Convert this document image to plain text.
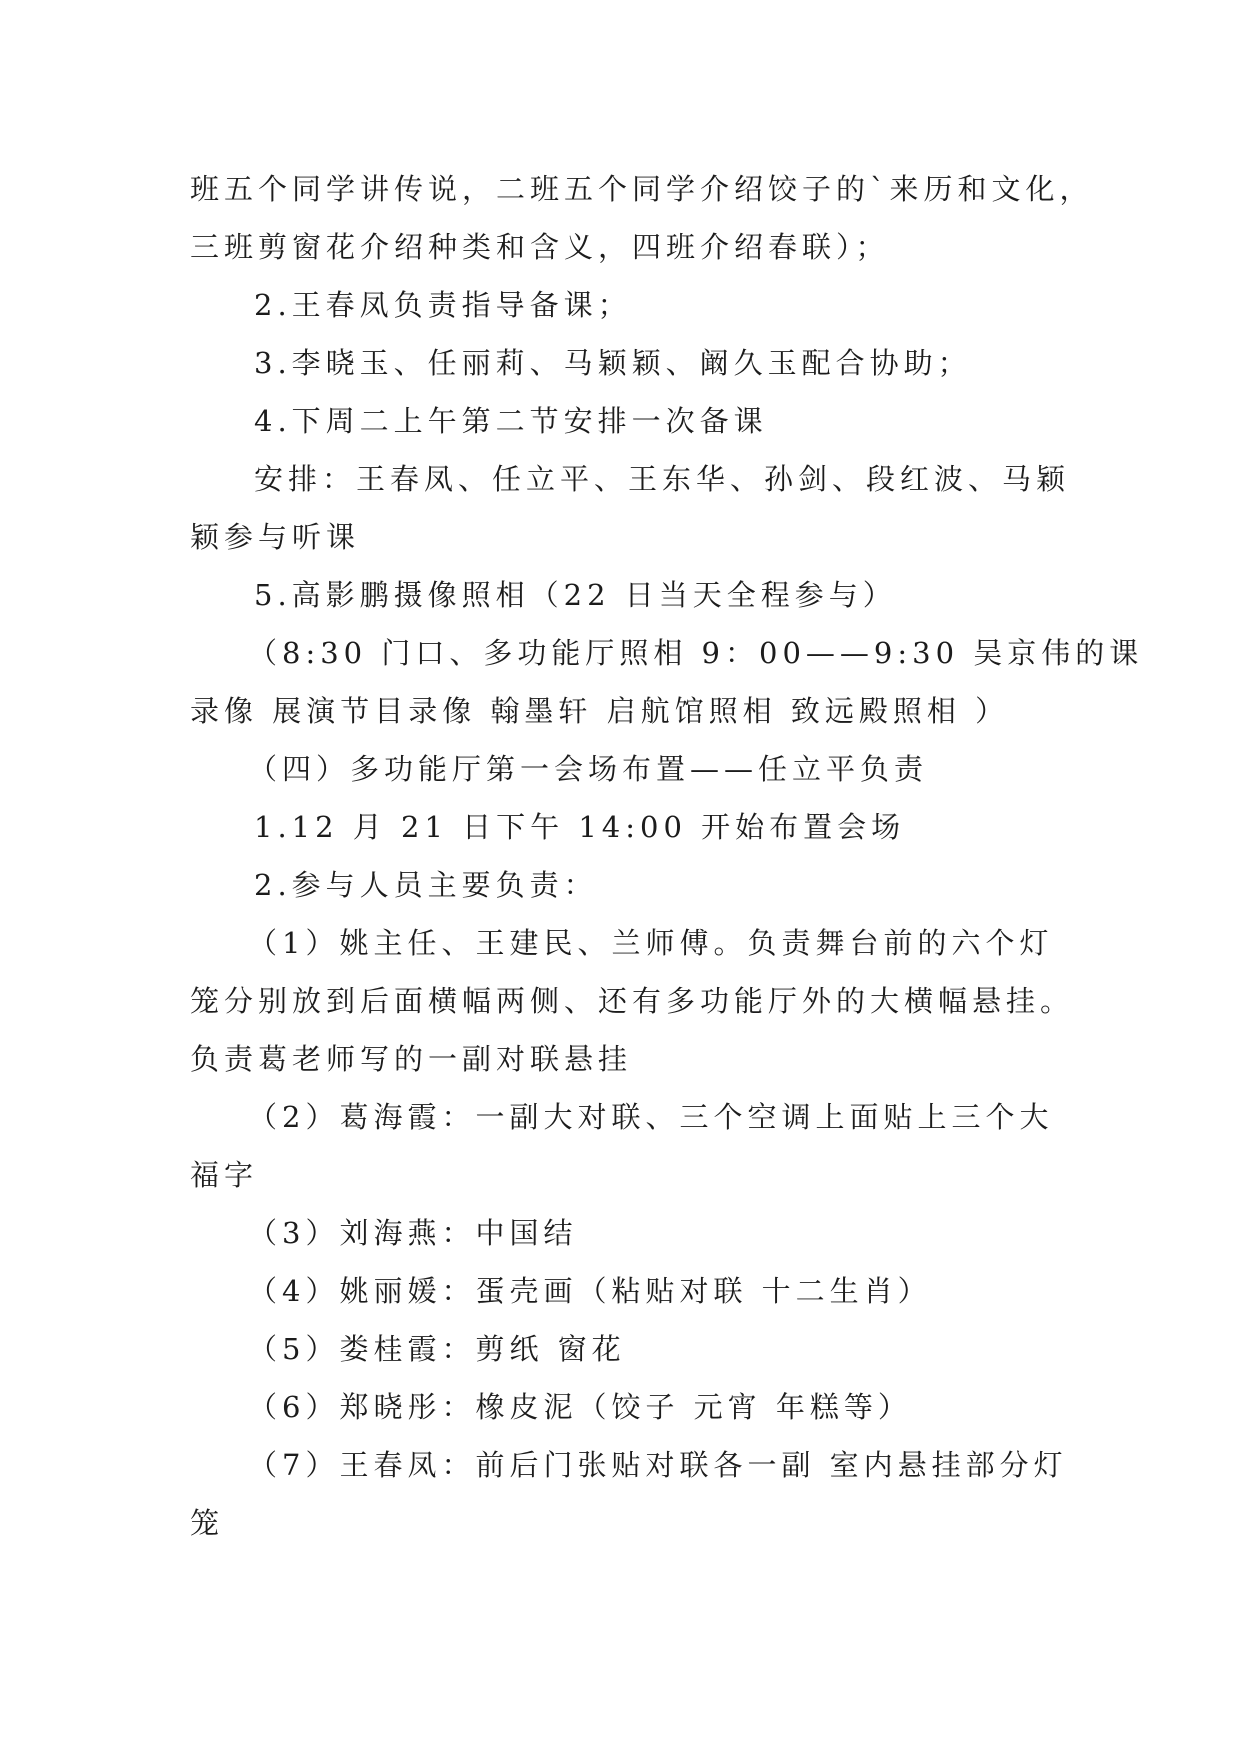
班五个同学讲传说，二班五个同学介绍饺子的`来历和文化，
三班剪窗花介绍种类和含义，四班介绍春联）；
2.王春凤负责指导备课；
3.李晓玉、任丽莉、马颖颖、阚久玉配合协助；
4.下周二上午第二节安排一次备课
安排：王春凤、任立平、王东华、孙剑、段红波、马颖
颖参与听课
5.高影鹏摄像照相（22 日当天全程参与）
（8:30 门口、多功能厅照相 9：00——9:30 吴京伟的课
录像 展演节目录像 翰墨轩 启航馆照相 致远殿照相 ）
（四）多功能厅第一会场布置——任立平负责
1.12 月 21 日下午 14:00 开始布置会场
2.参与人员主要负责：
（1）姚主任、王建民、兰师傅。负责舞台前的六个灯
笼分别放到后面横幅两侧、还有多功能厅外的大横幅悬挂。
负责葛老师写的一副对联悬挂
（2）葛海霞：一副大对联、三个空调上面贴上三个大
福字
（3）刘海燕：中国结
（4）姚丽媛：蛋壳画（粘贴对联 十二生肖）
（5）娄桂霞：剪纸 窗花
（6）郑晓彤：橡皮泥（饺子 元宵 年糕等）
（7）王春凤：前后门张贴对联各一副 室内悬挂部分灯
笼
